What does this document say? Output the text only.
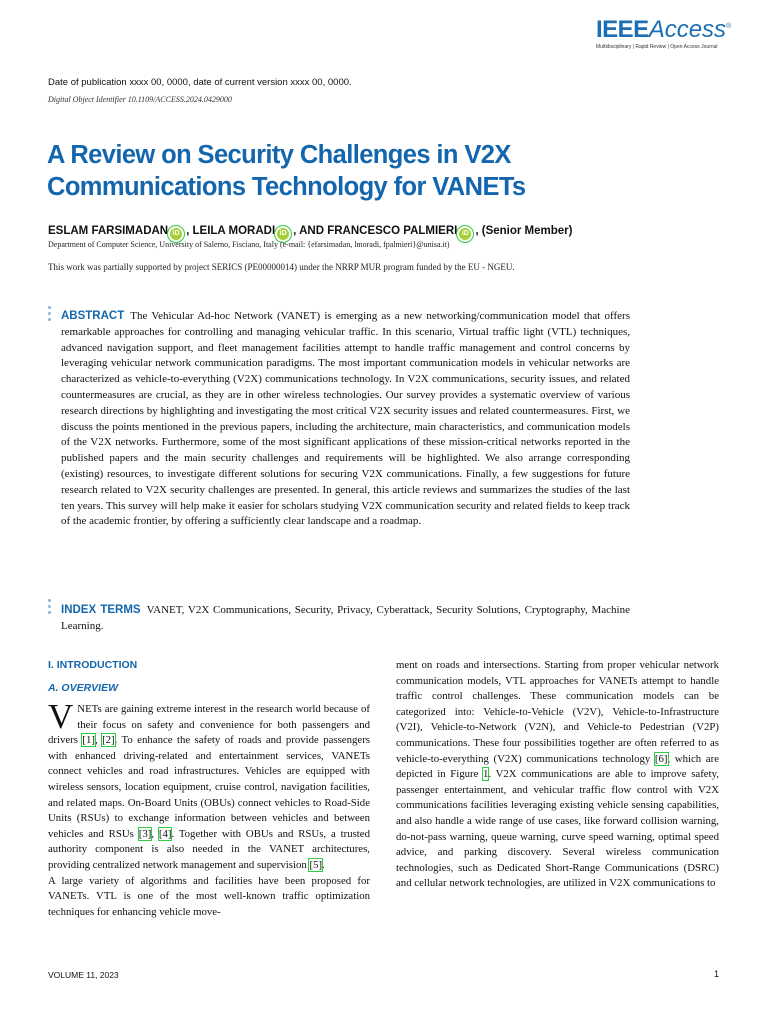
IEEEAccess®
Multidisciplinary | Rapid Review | Open Access Journal
Date of publication xxxx 00, 0000, date of current version xxxx 00, 0000.
Digital Object Identifier 10.1109/ACCESS.2024.0429000
A Review on Security Challenges in V2X Communications Technology for VANETs
ESLAM FARSIMADAN iD , LEILA MORADI iD , AND FRANCESCO PALMIERI iD , (Senior Member)
Department of Computer Science, University of Salerno, Fisciano, Italy (e-mail: {efarsimadan, lmoradi, fpalmieri}@unisa.it)
This work was partially supported by project SERICS (PE00000014) under the NRRP MUR program funded by the EU - NGEU.
ABSTRACT The Vehicular Ad-hoc Network (VANET) is emerging as a new networking/communication model that offers remarkable approaches for controlling and managing vehicular traffic. In this scenario, Virtual traffic light (VTL) techniques, advanced navigation support, and fleet management facilities attempt to handle traffic management and control concerns by leveraging vehicular network communication paradigms. The most important communication models in vehicular networks are characterized as vehicle-to-everything (V2X) communications technology. In V2X communications, security issues, and related countermeasures are crucial, as they are in other wireless technologies. Our survey provides a systematic overview of various research directions by highlighting and investigating the most critical V2X security issues and related countermeasures. First, we discuss the points mentioned in the previous papers, including the architecture, main characteristics, and communication models of the V2X networks. Furthermore, some of the most significant applications of these mission-critical networks reported in the published papers and the main security challenges and requirements will be highlighted. We also arrange corresponding (existing) resources, to investigate different solutions for securing V2X communications. Finally, a few suggestions for future research related to V2X security challenges are presented. In general, this article reviews and summarizes the studies of the last ten years. This survey will help make it easier for scholars studying V2X communication security and related fields to keep track of the academic frontier, by offering a sufficiently clear landscape and a roadmap.
INDEX TERMS VANET, V2X Communications, Security, Privacy, Cyberattack, Security Solutions, Cryptography, Machine Learning.
I. INTRODUCTION
A. OVERVIEW

V NETs are gaining extreme interest in the research world because of their focus on safety and convenience for both passengers and drivers [1], [2]. To enhance the safety of roads and provide passengers with enhanced driving-related and entertainment services, VANETs connect vehicles and road infrastructures. Vehicles are equipped with wireless sensors, location equipment, cruise control, navigation facilities, and related maps. On-Board Units (OBUs) connect vehicles to Road-Side Units (RSUs) to exchange information between vehicles and between vehicles and RSUs [3], [4]. Together with OBUs and RSUs, a trusted authority component is also needed in the VANET architectures, providing centralized network management and supervision [5].

A large variety of algorithms and facilities have been proposed for VANETs. VTL is one of the most well-known traffic optimization techniques for enhancing vehicle move-

ment on roads and intersections. Starting from proper vehicular network communication models, VTL approaches for VANETs attempt to handle traffic control challenges. These communication models can be categorized into: Vehicle-to-Vehicle (V2V), Vehicle-to-Infrastructure (V2I), Vehicle-to-Network (V2N), and Vehicle-to Pedestrian (V2P) communications. These four possibilities together are often referred to as vehicle-to-everything (V2X) communications technology [6], which are depicted in Figure 1. V2X communications are able to improve safety, passenger entertainment, and vehicular traffic flow control with V2X communications facilities leveraging existing vehicle sensing capabilities, and also handle a wide range of use cases, like forward collision warning, do-not-pass warning, queue warning, curve speed warning, optimal speed advice, and parking discovery. Several wireless communication technologies, such as Dedicated Short-Range Communications (DSRC) and cellular network technologies, are utilized in V2X communications to

VOLUME 11, 2023	1
